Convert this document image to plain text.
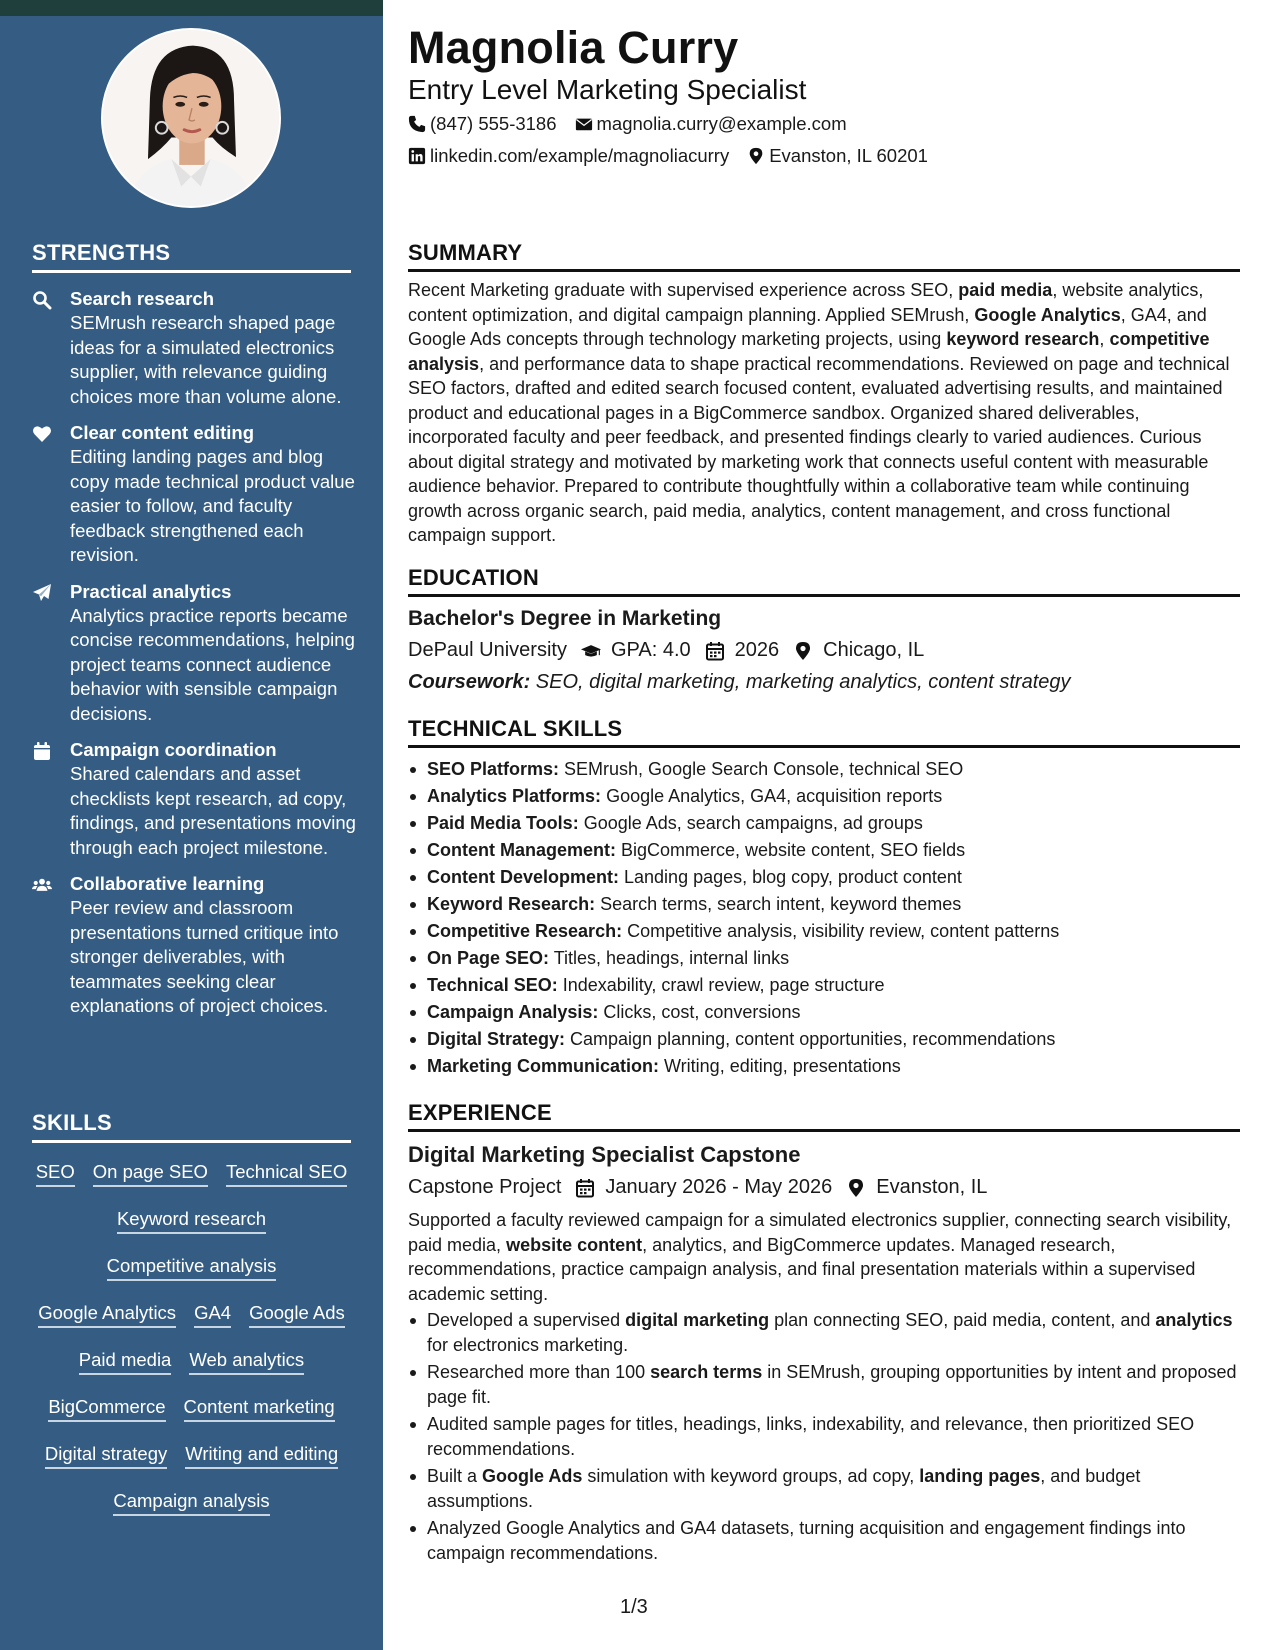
STRENGTHS
Search research
SEMrush research shaped page ideas for a simulated electronics supplier, with relevance guiding choices more than volume alone.
Clear content editing
Editing landing pages and blog copy made technical product value easier to follow, and faculty feedback strengthened each revision.
Practical analytics
Analytics practice reports became concise recommendations, helping project teams connect audience behavior with sensible campaign decisions.
Campaign coordination
Shared calendars and asset checklists kept research, ad copy, findings, and presentations moving through each project milestone.
Collaborative learning
Peer review and classroom presentations turned critique into stronger deliverables, with teammates seeking clear explanations of project choices.
SKILLS
SEO On page SEO Technical SEO
Keyword research
Competitive analysis
Google Analytics GA4 Google Ads
Paid media Web analytics
BigCommerce Content marketing
Digital strategy Writing and editing
Campaign analysis
Magnolia Curry
Entry Level Marketing Specialist
(847) 555-3186 magnolia.curry@example.com
linkedin.com/example/magnoliacurry Evanston, IL 60201
SUMMARY

Recent Marketing graduate with supervised experience across SEO, paid media, website analytics, content optimization, and digital campaign planning. Applied SEMrush, Google Analytics, GA4, and Google Ads concepts through technology marketing projects, using keyword research, competitive analysis, and performance data to shape practical recommendations. Reviewed on page and technical SEO factors, drafted and edited search focused content, evaluated advertising results, and maintained product and educational pages in a BigCommerce sandbox. Organized shared deliverables, incorporated faculty and peer feedback, and presented findings clearly to varied audiences. Curious about digital strategy and motivated by marketing work that connects useful content with measurable audience behavior. Prepared to contribute thoughtfully within a collaborative team while continuing growth across organic search, paid media, analytics, content management, and cross functional campaign support.

EDUCATION
Bachelor's Degree in Marketing
DePaul University GPA: 4.0 2026 Chicago, IL
Coursework: SEO, digital marketing, marketing analytics, content strategy
TECHNICAL SKILLS
SEO Platforms: SEMrush, Google Search Console, technical SEO
Analytics Platforms: Google Analytics, GA4, acquisition reports
Paid Media Tools: Google Ads, search campaigns, ad groups
Content Management: BigCommerce, website content, SEO fields
Content Development: Landing pages, blog copy, product content
Keyword Research: Search terms, search intent, keyword themes
Competitive Research: Competitive analysis, visibility review, content patterns
On Page SEO: Titles, headings, internal links
Technical SEO: Indexability, crawl review, page structure
Campaign Analysis: Clicks, cost, conversions
Digital Strategy: Campaign planning, content opportunities, recommendations
Marketing Communication: Writing, editing, presentations
EXPERIENCE
Digital Marketing Specialist Capstone
Capstone Project January 2026 - May 2026 Evanston, IL

Supported a faculty reviewed campaign for a simulated electronics supplier, connecting search visibility, paid media, website content, analytics, and BigCommerce updates. Managed research, recommendations, practice campaign analysis, and final presentation materials within a supervised academic setting.

Developed a supervised digital marketing plan connecting SEO, paid media, content, and analytics for electronics marketing.
Researched more than 100 search terms in SEMrush, grouping opportunities by intent and proposed page fit.
Audited sample pages for titles, headings, links, indexability, and relevance, then prioritized SEO recommendations.
Built a Google Ads simulation with keyword groups, ad copy, landing pages, and budget assumptions.
Analyzed Google Analytics and GA4 datasets, turning acquisition and engagement findings into campaign recommendations.
1/3
